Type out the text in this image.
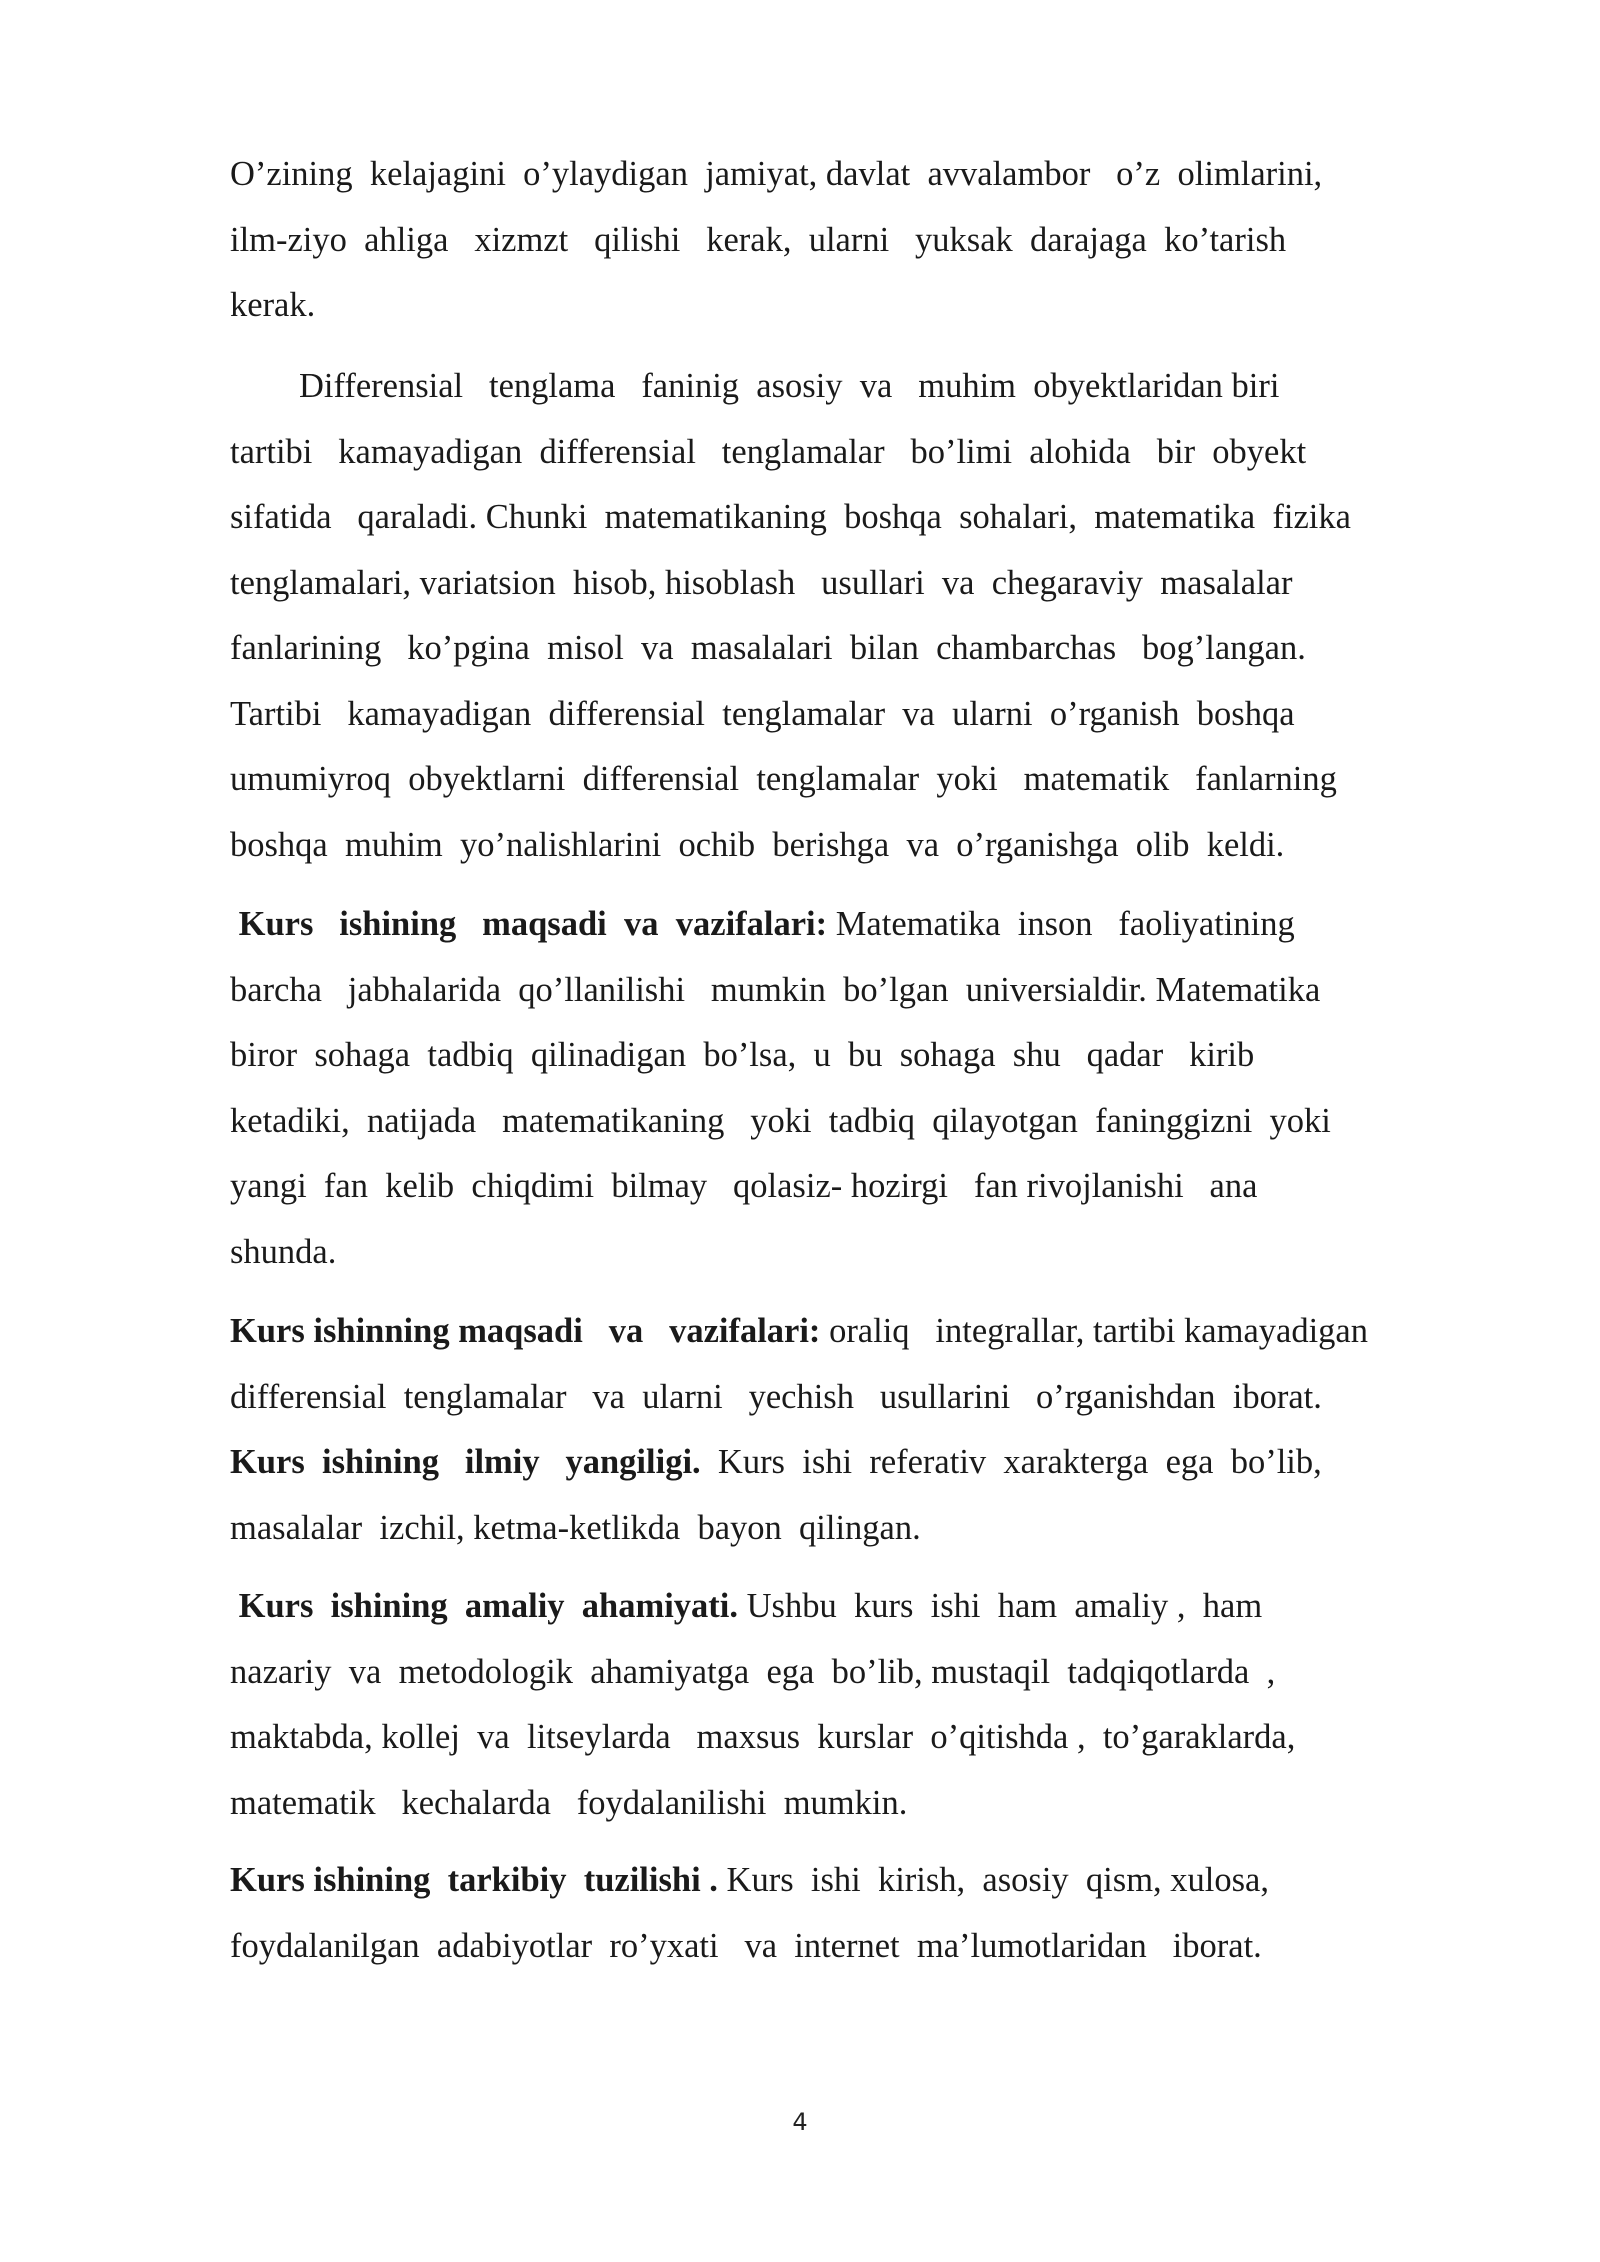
O’zining  kelajagini  o’ylaydigan  jamiyat, davlat  avvalambor   o’z  olimlarini,
ilm-ziyo  ahliga   xizmzt   qilishi   kerak,  ularni   yuksak  darajaga  ko’tarish
kerak.
Differensial   tenglama   faninig  asosiy  va   muhim  obyektlaridan biri
tartibi   kamayadigan  differensial   tenglamalar   bo’limi  alohida   bir  obyekt
sifatida   qaraladi. Chunki  matematikaning  boshqa  sohalari,  matematika  fizika
tenglamalari, variatsion  hisob, hisoblash   usullari  va  chegaraviy  masalalar
fanlarining   ko’pgina  misol  va  masalalari  bilan  chambarchas   bog’langan.
Tartibi   kamayadigan  differensial  tenglamalar  va  ularni  o’rganish  boshqa
umumiyroq  obyektlarni  differensial  tenglamalar  yoki   matematik   fanlarning
boshqa  muhim  yo’nalishlarini  ochib  berishga  va  o’rganishga  olib  keldi.
Kurs   ishining   maqsadi  va  vazifalari: Matematika  inson   faoliyatining
barcha   jabhalarida  qo’llanilishi   mumkin  bo’lgan  universialdir. Matematika
biror  sohaga  tadbiq  qilinadigan  bo’lsa,  u  bu  sohaga  shu   qadar   kirib
ketadiki,  natijada   matematikaning   yoki  tadbiq  qilayotgan  faninggizni  yoki
yangi  fan  kelib  chiqdimi  bilmay   qolasiz- hozirgi   fan rivojlanishi   ana
shunda.
Kurs ishinning maqsadi   va   vazifalari: oraliq   integrallar, tartibi kamayadigan
differensial  tenglamalar   va  ularni   yechish   usullarini   o’rganishdan  iborat.
Kurs  ishining   ilmiy   yangiligi.  Kurs  ishi  referativ  xarakterga  ega  bo’lib,
masalalar  izchil, ketma-ketlikda  bayon  qilingan.
Kurs  ishining  amaliy  ahamiyati. Ushbu  kurs  ishi  ham  amaliy ,  ham
nazariy  va  metodologik  ahamiyatga  ega  bo’lib, mustaqil  tadqiqotlarda  ,
maktabda, kollej  va  litseylarda   maxsus  kurslar  o’qitishda ,  to’garaklarda,
matematik   kechalarda   foydalanilishi  mumkin.
Kurs ishining  tarkibiy  tuzilishi . Kurs  ishi  kirish,  asosiy  qism, xulosa,
foydalanilgan  adabiyotlar  ro’yxati   va  internet  ma’lumotlaridan   iborat.
4
